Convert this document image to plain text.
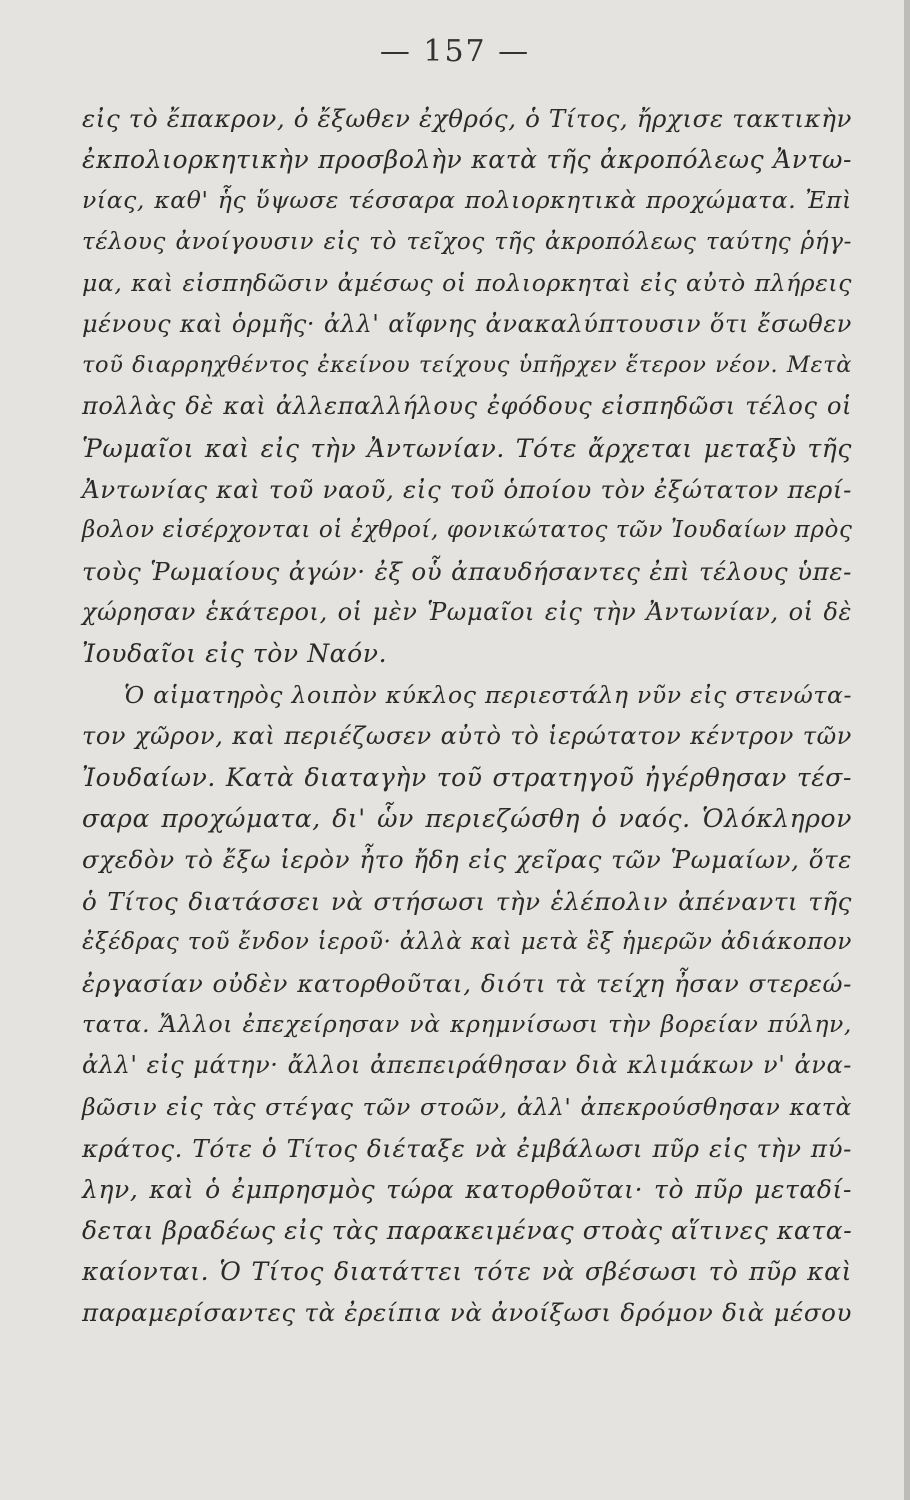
— 157 —
εἰς τὸ ἔπακρον, ὁ ἔξωθεν ἐχθρός, ὁ Τίτος, ἤρχισε τακτικὴν
ἐκπολιορκητικὴν προσβολὴν κατὰ τῆς ἀκροπόλεως Ἀντω-
νίας, καθ' ἧς ὕψωσε τέσσαρα πολιορκητικὰ προχώματα. Ἐπὶ
τέλους ἀνοίγουσιν εἰς τὸ τεῖχος τῆς ἀκροπόλεως ταύτης ῥήγ-
μα, καὶ εἰσπηδῶσιν ἀμέσως οἱ πολιορκηταὶ εἰς αὐτὸ πλήρεις
μένους καὶ ὁρμῆς· ἀλλ' αἴφνης ἀνακαλύπτουσιν ὅτι ἔσωθεν
τοῦ διαρρηχθέντος ἐκείνου τείχους ὑπῆρχεν ἕτερον νέον. Μετὰ
πολλὰς δὲ καὶ ἀλλεπαλλήλους ἐφόδους εἰσπηδῶσι τέλος οἱ
Ῥωμαῖοι καὶ εἰς τὴν Ἀντωνίαν. Τότε ἄρχεται μεταξὺ τῆς
Ἀντωνίας καὶ τοῦ ναοῦ, εἰς τοῦ ὁποίου τὸν ἐξώτατον περί-
βολον εἰσέρχονται οἱ ἐχθροί, φονικώτατος τῶν Ἰουδαίων πρὸς
τοὺς Ῥωμαίους ἀγών· ἐξ οὗ ἀπαυδήσαντες ἐπὶ τέλους ὑπε-
χώρησαν ἑκάτεροι, οἱ μὲν Ῥωμαῖοι εἰς τὴν Ἀντωνίαν, οἱ δὲ
Ἰουδαῖοι εἰς τὸν Ναόν.
Ὁ αἱματηρὸς λοιπὸν κύκλος περιεστάλη νῦν εἰς στενώτα-
τον χῶρον, καὶ περιέζωσεν αὐτὸ τὸ ἱερώτατον κέντρον τῶν
Ἰουδαίων. Κατὰ διαταγὴν τοῦ στρατηγοῦ ἠγέρθησαν τέσ-
σαρα προχώματα, δι' ὧν περιεζώσθη ὁ ναός. Ὁλόκληρον
σχεδὸν τὸ ἔξω ἱερὸν ἦτο ἤδη εἰς χεῖρας τῶν Ῥωμαίων, ὅτε
ὁ Τίτος διατάσσει νὰ στήσωσι τὴν ἑλέπολιν ἀπέναντι τῆς
ἐξέδρας τοῦ ἔνδον ἱεροῦ· ἀλλὰ καὶ μετὰ ἓξ ἡμερῶν ἀδιάκοπον
ἐργασίαν οὐδὲν κατορθοῦται, διότι τὰ τείχη ἦσαν στερεώ-
τατα. Ἄλλοι ἐπεχείρησαν νὰ κρημνίσωσι τὴν βορείαν πύλην,
ἀλλ' εἰς μάτην· ἄλλοι ἀπεπειράθησαν διὰ κλιμάκων ν' ἀνα-
βῶσιν εἰς τὰς στέγας τῶν στοῶν, ἀλλ' ἀπεκρούσθησαν κατὰ
κράτος. Τότε ὁ Τίτος διέταξε νὰ ἐμβάλωσι πῦρ εἰς τὴν πύ-
λην, καὶ ὁ ἐμπρησμὸς τώρα κατορθοῦται· τὸ πῦρ μεταδί-
δεται βραδέως εἰς τὰς παρακειμένας στοὰς αἵτινες κατα-
καίονται. Ὁ Τίτος διατάττει τότε νὰ σβέσωσι τὸ πῦρ καὶ
παραμερίσαντες τὰ ἐρείπια νὰ ἀνοίξωσι δρόμον διὰ μέσου
